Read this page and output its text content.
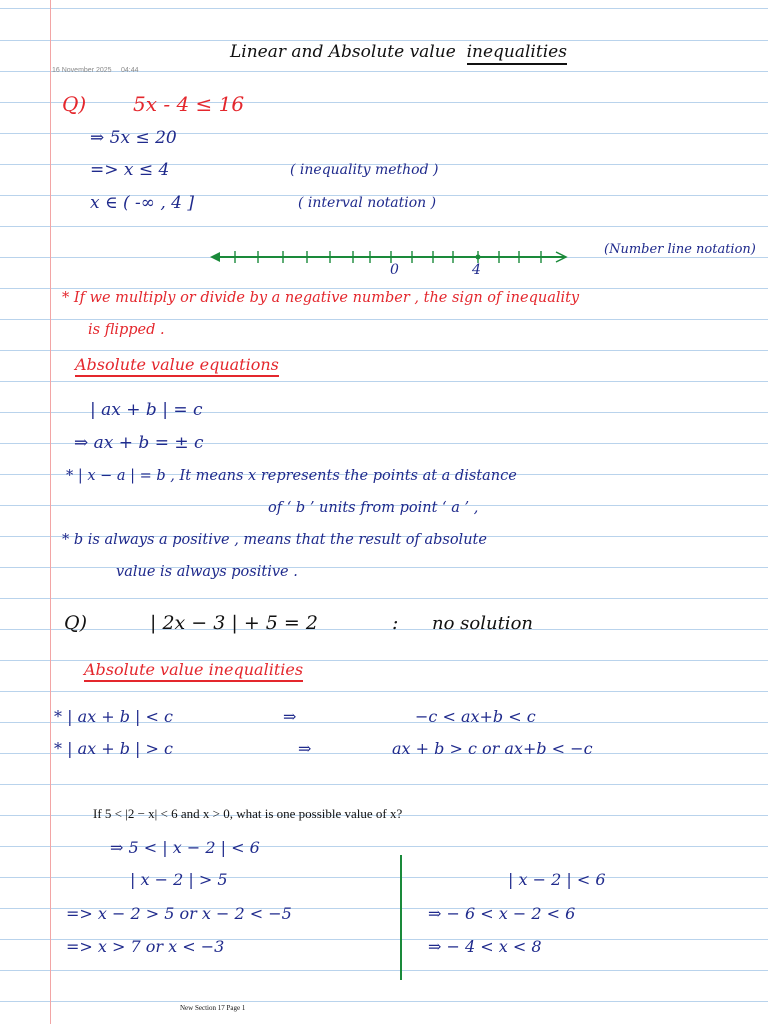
Linear and Absolute value inequalities
16 November 2025 04:44
Q) 5x - 4 ≤ 16
⇒ 5x ≤ 20
=> x ≤ 4	( inequality method )
x ∈ ( -∞ , 4 ]	( interval notation )
0	4
(Number line notation)
* If we multiply or divide by a negative number , the sign of inequality
is flipped .
Absolute value equations
| ax + b | = c
⇒ ax + b = ± c
* | x − a | = b , It means x represents the points at a distance
of ‘ b ’ units from point ‘ a ’ ,
* b is always a positive , means that the result of absolute
value is always positive .
Q)	| 2x − 3 | + 5 = 2	: no solution
Absolute value inequalities
* | ax + b | < c	⇒	−c < ax+b < c
* | ax + b | > c	⇒	ax + b > c or ax+b < −c
If 5 < |2 − x| < 6 and x > 0, what is one possible value of x?
⇒ 5 < | x − 2 | < 6
| x − 2 | > 5
=> x − 2 > 5 or x − 2 < −5
=> x > 7 or x < −3
| x − 2 | < 6
⇒ − 6 < x − 2 < 6
⇒ − 4 < x < 8
New Section 17 Page 1
